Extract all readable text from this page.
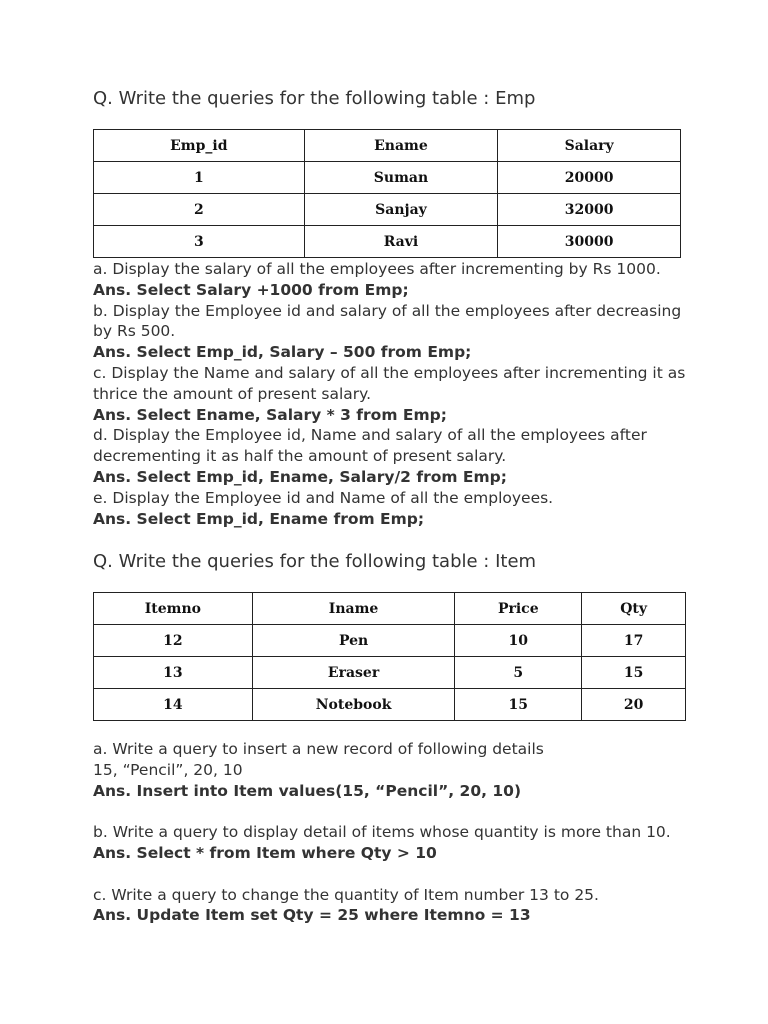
Q. Write the queries for the following table : Emp
Emp_id	Ename	Salary
1	Suman	20000
2	Sanjay	32000
3	Ravi	30000

a. Display the salary of all the employees after incrementing by Rs 1000.

Ans. Select Salary +1000 from Emp;

b. Display the Employee id and salary of all the employees after decreasing by Rs 500.

Ans. Select Emp_id, Salary – 500 from Emp;

c. Display the Name and salary of all the employees after incrementing it as thrice the amount of present salary.

Ans. Select Ename, Salary * 3 from Emp;

d. Display the Employee id, Name and salary of all the employees after decrementing it as half the amount of present salary.

Ans. Select Emp_id, Ename, Salary/2 from Emp;

e. Display the Employee id and Name of all the employees.

Ans. Select Emp_id, Ename from Emp;

Q. Write the queries for the following table : Item
Itemno	Iname	Price	Qty
12	Pen	10	17
13	Eraser	5	15
14	Notebook	15	20

a. Write a query to insert a new record of following details

15, “Pencil”, 20, 10

Ans. Insert into Item values(15, “Pencil”, 20, 10)

b. Write a query to display detail of items whose quantity is more than 10.

Ans. Select * from Item where Qty > 10

c. Write a query to change the quantity of Item number 13 to 25.

Ans. Update Item set Qty = 25 where Itemno = 13
